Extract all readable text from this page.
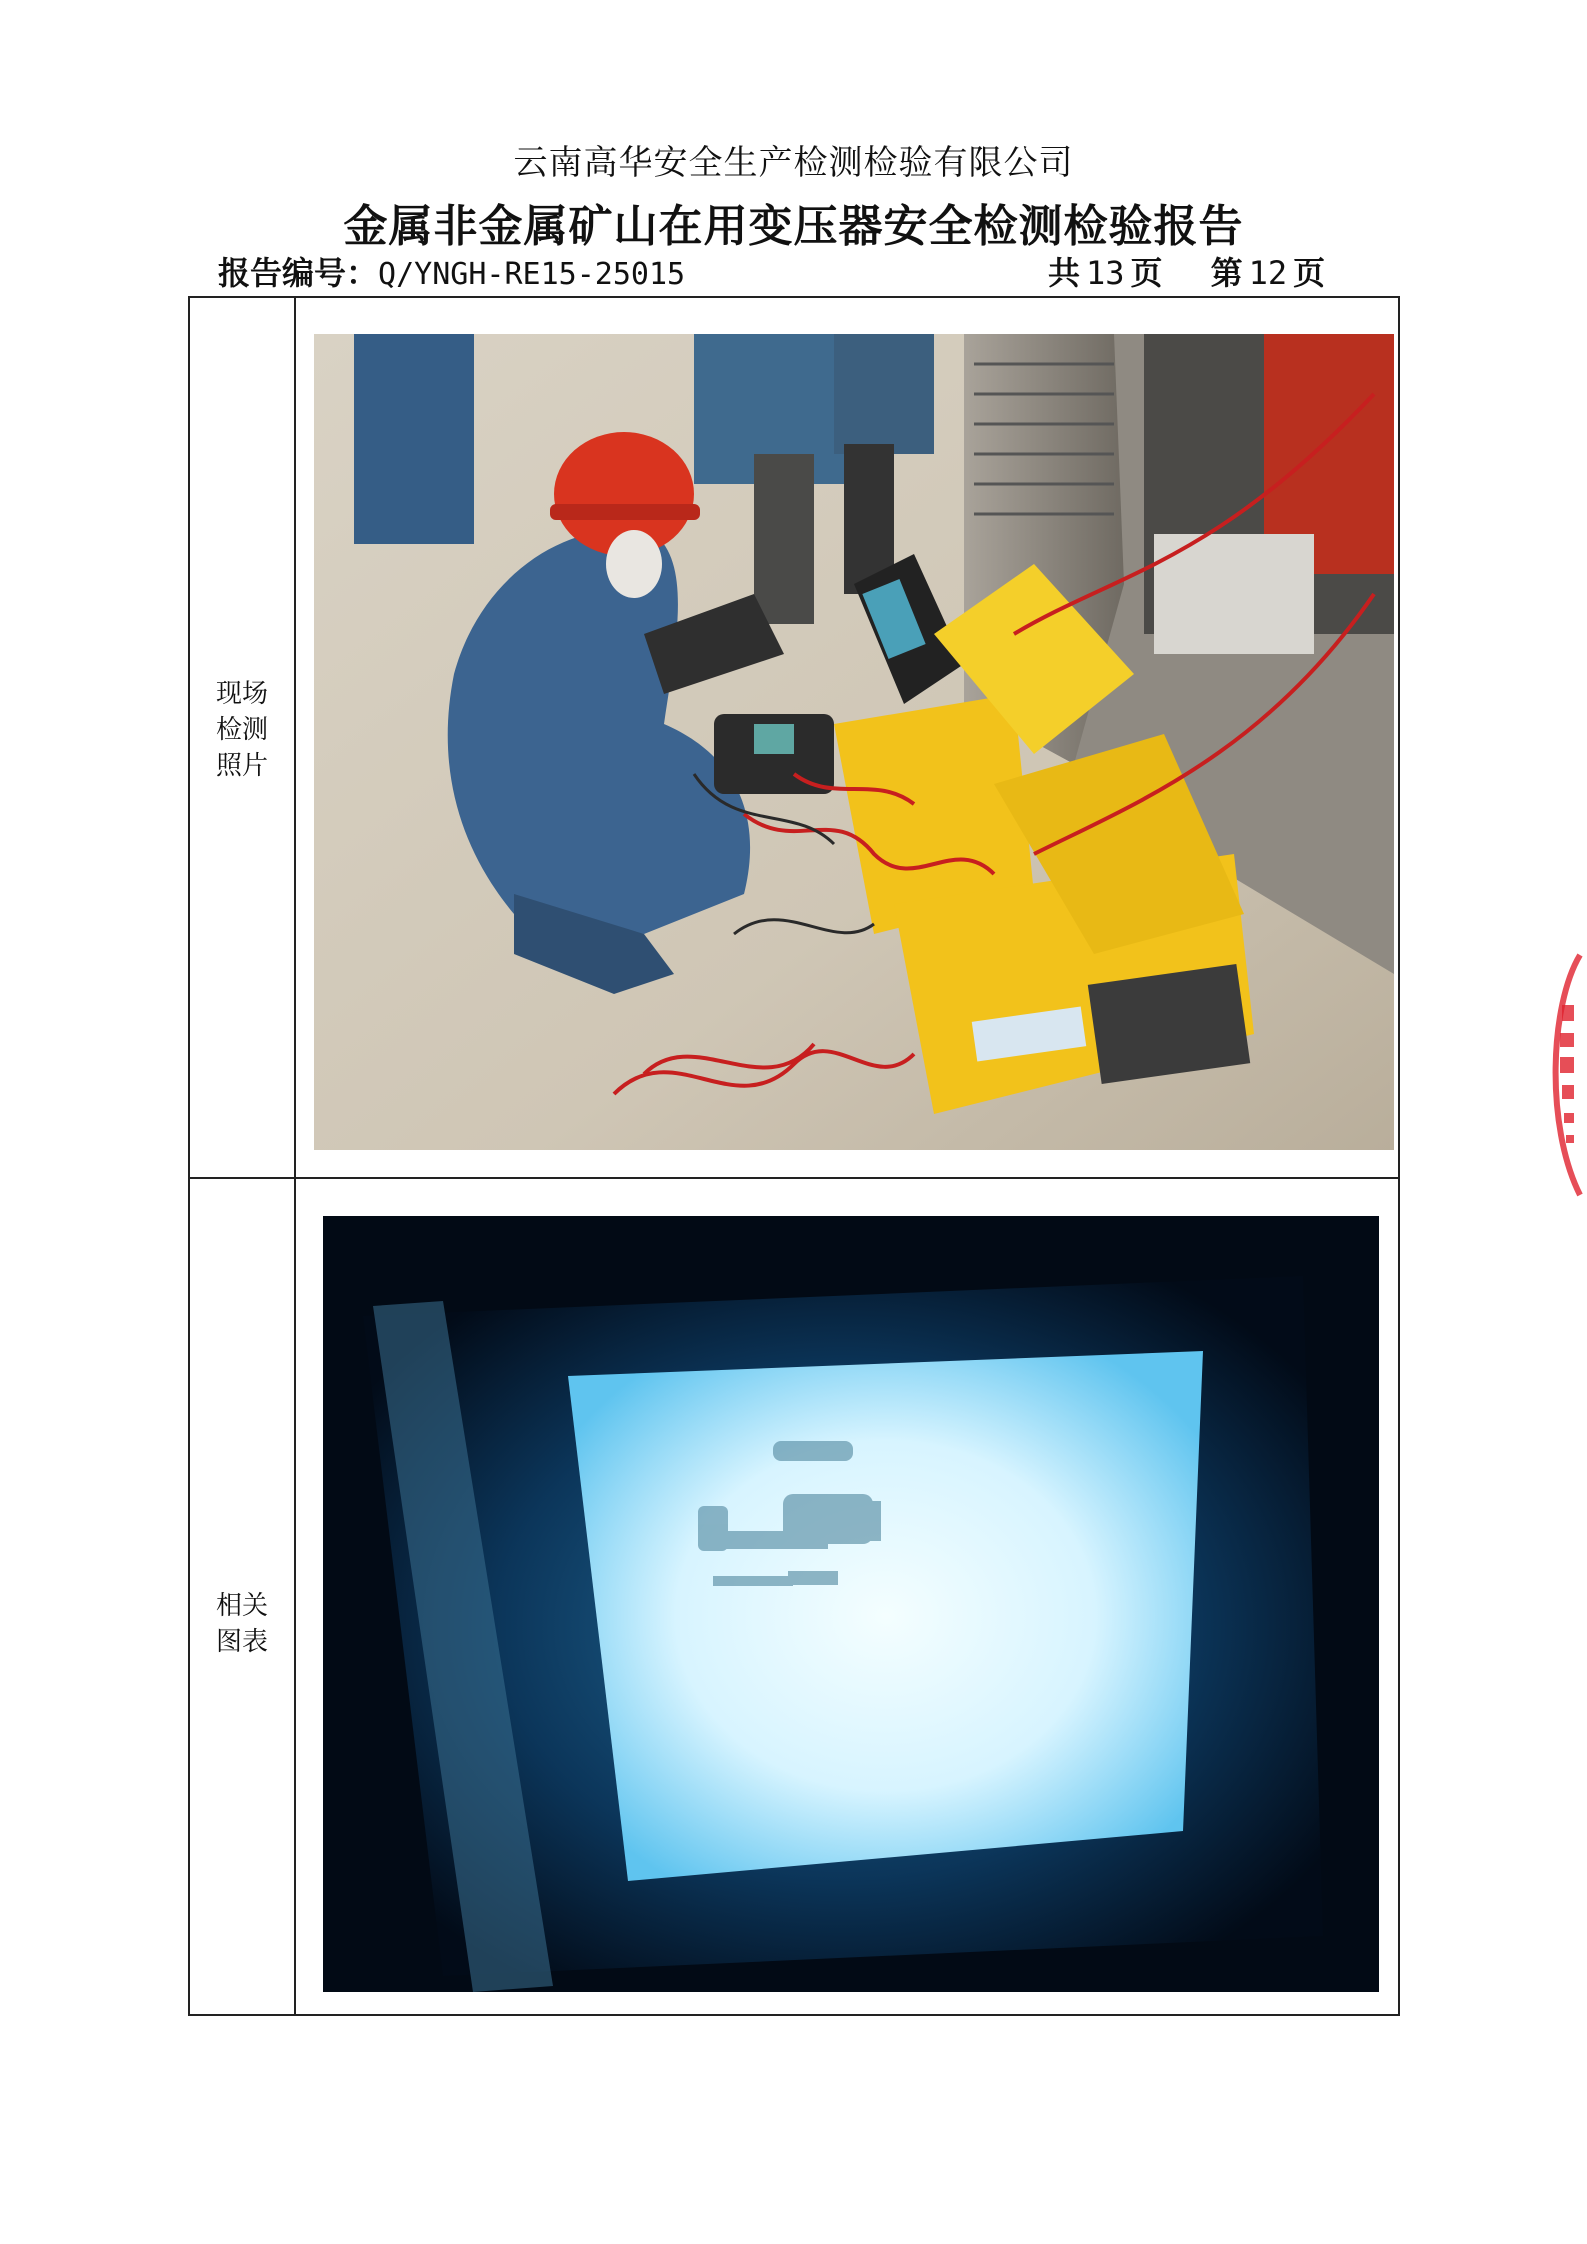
云南高华安全生产检测检验有限公司
金属非金属矿山在用变压器安全检测检验报告
报告编号：Q/YNGH-RE15-25015	共 13 页 第 12 页
现场
检测
照片
相关
图表
